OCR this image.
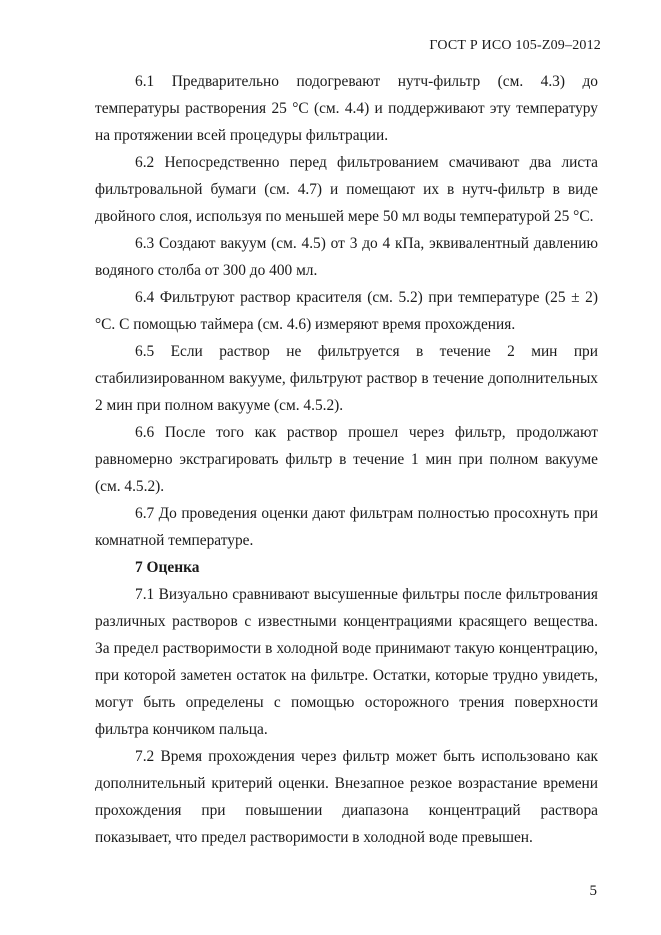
ГОСТ Р ИСО 105-Z09–2012

6.1 Предварительно подогревают нутч-фильтр (см. 4.3) до температуры растворения 25 °C (см. 4.4) и поддерживают эту температуру на протяжении всей процедуры фильтрации.

6.2 Непосредственно перед фильтрованием смачивают два листа фильтровальной бумаги (см. 4.7) и помещают их в нутч-фильтр в виде двойного слоя, используя по меньшей мере 50 мл воды температурой 25 °C.

6.3 Создают вакуум (см. 4.5) от 3 до 4 кПа, эквивалентный давлению водяного столба от 300 до 400 мл.

6.4 Фильтруют раствор красителя (см. 5.2) при температуре (25 ± 2) °C. С помощью таймера (см. 4.6) измеряют время прохождения.

6.5 Если раствор не фильтруется в течение 2 мин при стабилизированном вакууме, фильтруют раствор в течение дополнительных 2 мин при полном вакууме (см. 4.5.2).

6.6 После того как раствор прошел через фильтр, продолжают равномерно экстрагировать фильтр в течение 1 мин при полном вакууме (см. 4.5.2).

6.7 До проведения оценки дают фильтрам полностью просохнуть при комнатной температуре.

7 Оценка

7.1 Визуально сравнивают высушенные фильтры после фильтрования различных растворов с известными концентрациями красящего вещества. За предел растворимости в холодной воде принимают такую концентрацию, при которой заметен остаток на фильтре. Остатки, которые трудно увидеть, могут быть определены с помощью осторожного трения поверхности фильтра кончиком пальца.

7.2 Время прохождения через фильтр может быть использовано как дополнительный критерий оценки. Внезапное резкое возрастание времени прохождения при повышении диапазона концентраций раствора показывает, что предел растворимости в холодной воде превышен.

5
